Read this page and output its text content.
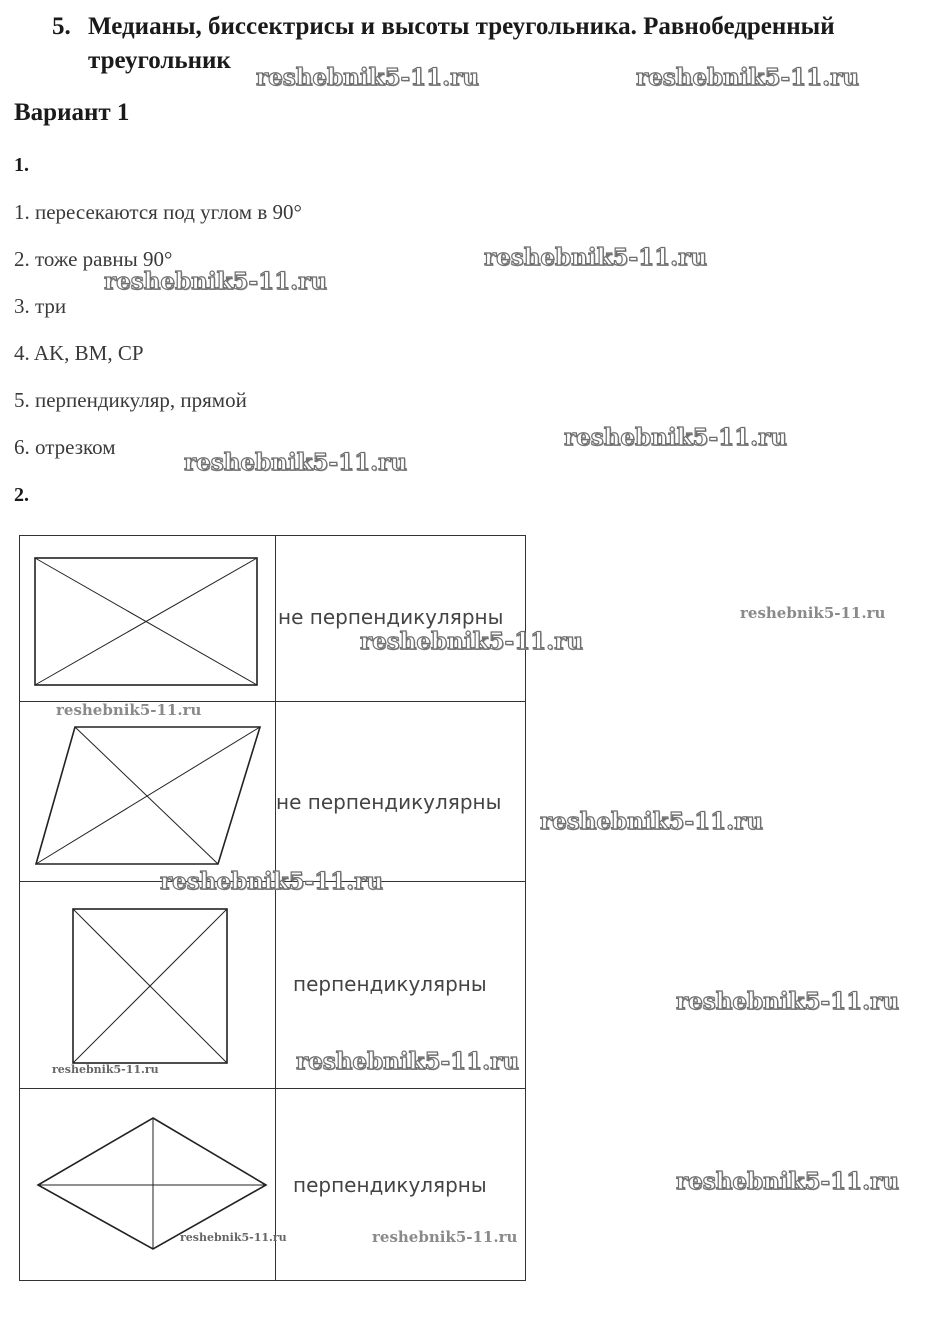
5. Медианы, биссектрисы и высоты треугольника. Равнобедренный
треугольник
Вариант 1

1.

1. пересекаются под углом в 90°

2. тоже равны 90°

3. три

4. AK, BM, CP

5. перпендикуляр, прямой

6. отрезком

2.

не перпендикулярны
не перпендикулярны
перпендикулярны
перпендикулярны
reshebnik5-11.ru	reshebnik5-11.ru
reshebnik5-11.ru
reshebnik5-11.ru
reshebnik5-11.ru
reshebnik5-11.ru
reshebnik5-11.ru
reshebnik5-11.ru
reshebnik5-11.ru
reshebnik5-11.ru
reshebnik5-11.ru
reshebnik5-11.ru
reshebnik5-11.ru
reshebnik5-11.ru
reshebnik5-11.ru
reshebnik5-11.ru	reshebnik5-11.ru
